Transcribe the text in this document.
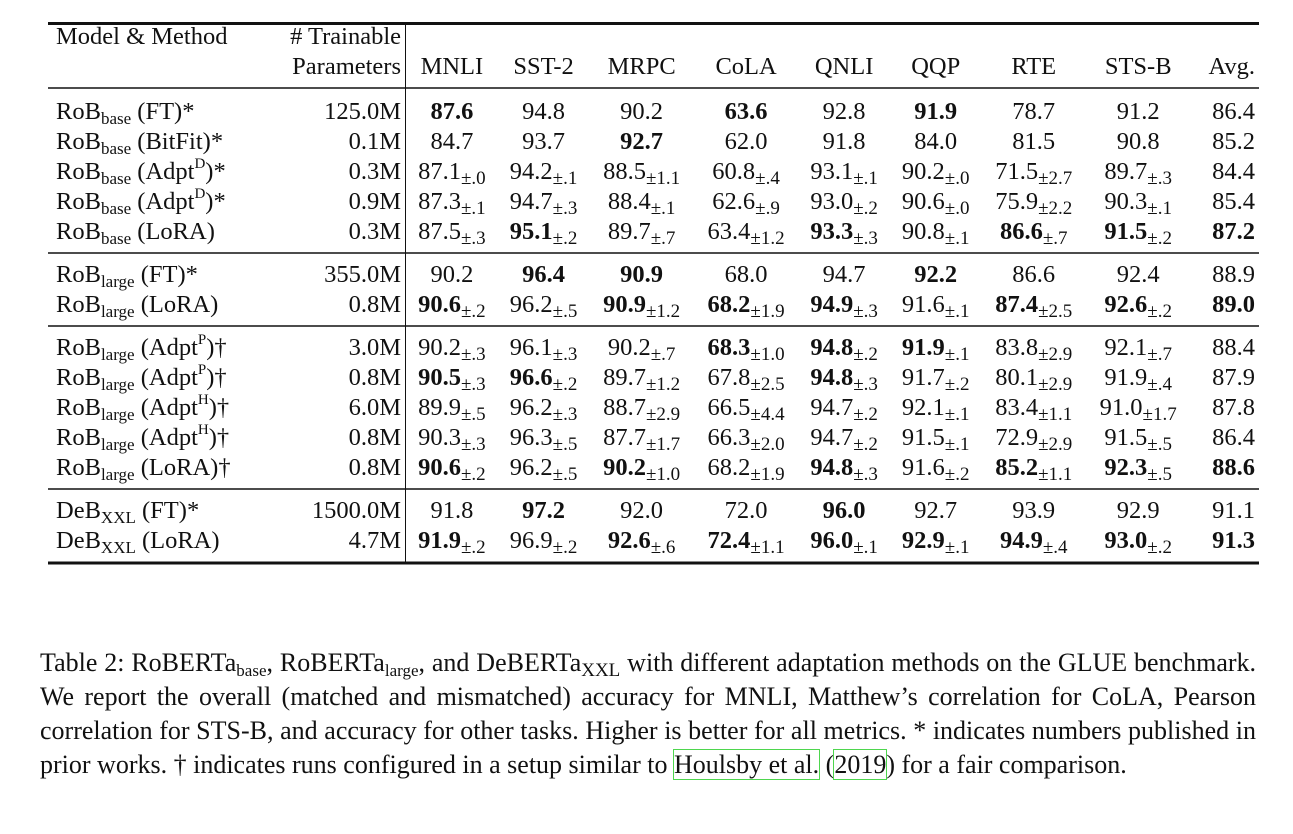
Model & Method	# Trainable									
	Parameters	MNLI	SST-2	MRPC	CoLA	QNLI	QQP	RTE	STS-B	Avg.
RoB$_{base}$ (FT)*	125.0M	87.6	94.8	90.2	63.6	92.8	91.9	78.7	91.2	86.4
RoB$_{base}$ (BitFit)*	0.1M	84.7	93.7	92.7	62.0	91.8	84.0	81.5	90.8	85.2
RoB$_{base}$ (Adpt$^D$)*	0.3M	$87.1_{\pm.0}$	$94.2_{\pm.1}$	$88.5_{\pm 1.1}$	$60.8_{\pm.4}$	$93.1_{\pm.1}$	$90.2_{\pm.0}$	$71.5_{\pm 2.7}$	$89.7_{\pm.3}$	84.4
RoB$_{base}$ (Adpt$^D$)*	0.9M	$87.3_{\pm.1}$	$94.7_{\pm.3}$	$88.4_{\pm.1}$	$62.6_{\pm.9}$	$93.0_{\pm.2}$	$90.6_{\pm.0}$	$75.9_{\pm 2.2}$	$90.3_{\pm.1}$	85.4
RoB$_{base}$ (LoRA)	0.3M	$87.5_{\pm.3}$	$95.1_{\pm.2}$	$89.7_{\pm.7}$	$63.4_{\pm 1.2}$	$93.3_{\pm.3}$	$90.8_{\pm.1}$	$86.6_{\pm.7}$	$91.5_{\pm.2}$	87.2
RoB$_{large}$ (FT)*	355.0M	90.2	96.4	90.9	68.0	94.7	92.2	86.6	92.4	88.9
RoB$_{large}$ (LoRA)	0.8M	$90.6_{\pm.2}$	$96.2_{\pm.5}$	$90.9_{\pm 1.2}$	$68.2_{\pm 1.9}$	$94.9_{\pm.3}$	$91.6_{\pm.1}$	$87.4_{\pm 2.5}$	$92.6_{\pm.2}$	89.0
RoB$_{large}$ (Adpt$^P$)†	3.0M	$90.2_{\pm.3}$	$96.1_{\pm.3}$	$90.2_{\pm.7}$	$68.3_{\pm 1.0}$	$94.8_{\pm.2}$	$91.9_{\pm.1}$	$83.8_{\pm 2.9}$	$92.1_{\pm.7}$	88.4
RoB$_{large}$ (Adpt$^P$)†	0.8M	$90.5_{\pm.3}$	$96.6_{\pm.2}$	$89.7_{\pm 1.2}$	$67.8_{\pm 2.5}$	$94.8_{\pm.3}$	$91.7_{\pm.2}$	$80.1_{\pm 2.9}$	$91.9_{\pm.4}$	87.9
RoB$_{large}$ (Adpt$^H$)†	6.0M	$89.9_{\pm.5}$	$96.2_{\pm.3}$	$88.7_{\pm 2.9}$	$66.5_{\pm 4.4}$	$94.7_{\pm.2}$	$92.1_{\pm.1}$	$83.4_{\pm 1.1}$	$91.0_{\pm 1.7}$	87.8
RoB$_{large}$ (Adpt$^H$)†	0.8M	$90.3_{\pm.3}$	$96.3_{\pm.5}$	$87.7_{\pm 1.7}$	$66.3_{\pm 2.0}$	$94.7_{\pm.2}$	$91.5_{\pm.1}$	$72.9_{\pm 2.9}$	$91.5_{\pm.5}$	86.4
RoB$_{large}$ (LoRA)†	0.8M	$90.6_{\pm.2}$	$96.2_{\pm.5}$	$90.2_{\pm 1.0}$	$68.2_{\pm 1.9}$	$94.8_{\pm.3}$	$91.6_{\pm.2}$	$85.2_{\pm 1.1}$	$92.3_{\pm.5}$	88.6
DeB$_{XXL}$ (FT)*	1500.0M	91.8	97.2	92.0	72.0	96.0	92.7	93.9	92.9	91.1
DeB$_{XXL}$ (LoRA)	4.7M	$91.9_{\pm.2}$	$96.9_{\pm.2}$	$92.6_{\pm.6}$	$72.4_{\pm 1.1}$	$96.0_{\pm.1}$	$92.9_{\pm.1}$	$94.9_{\pm.4}$	$93.0_{\pm.2}$	91.3

Table 2: RoBERTa$_{base}$, RoBERTa$_{large}$, and DeBERTa$_{XXL}$ with different adaptation methods on the GLUE benchmark. We report the overall (matched and mismatched) accuracy for MNLI, Matthew’s correlation for CoLA, Pearson correlation for STS-B, and accuracy for other tasks. Higher is better for all metrics. * indicates numbers published in prior works. † indicates runs configured in a setup similar to Houlsby et al. (2019) for a fair comparison.
